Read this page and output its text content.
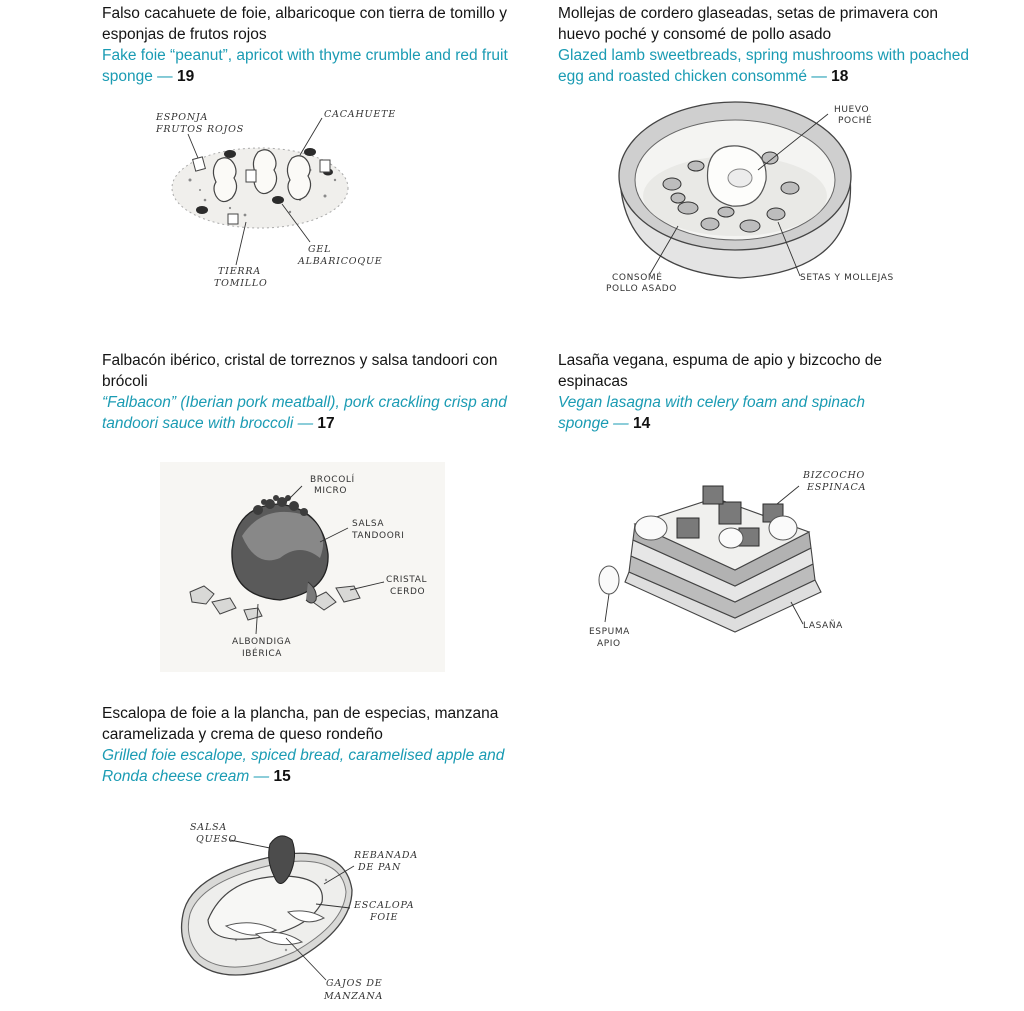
Falso cacahuete de foie, albaricoque con tierra de tomillo y esponjas de frutos rojos

Fake foie “peanut”, apricot with thyme crumble and red fruit sponge — 19

Mollejas de cordero glaseadas, setas de primavera con huevo poché y consomé de pollo asado

Glazed lamb sweetbreads, spring mushrooms with poached egg and roasted chicken consommé — 18

Falbacón ibérico, cristal de torreznos y salsa tandoori con brócoli

“Falbacon” (Iberian pork meatball), pork crackling crisp and tandoori sauce with broccoli — 17

Lasaña vegana, espuma de apio y bizcocho de espinacas

Vegan lasagna with celery foam and spinach sponge — 14

Escalopa de foie a la plancha, pan de especias, manzana caramelizada y crema de queso rondeño

Grilled foie escalope, spiced bread, caramelised apple and Ronda cheese cream — 15

ESPONJA
FRUTOS ROJOS
CACAHUETE
GEL
ALBARICOQUE
TIERRA
TOMILLO
HUEVO
POCHÉ
CONSOMÉ
POLLO ASADO
SETAS Y MOLLEJAS
BROCOLÍ
MICRO
SALSA
TANDOORI
CRISTAL
CERDO
ALBONDIGA
IBÉRICA
BIZCOCHO
ESPINACA
ESPUMA
APIO
LASAÑA
SALSA
QUESO
REBANADA
DE PAN
ESCALOPA
FOIE
GAJOS DE
MANZANA
